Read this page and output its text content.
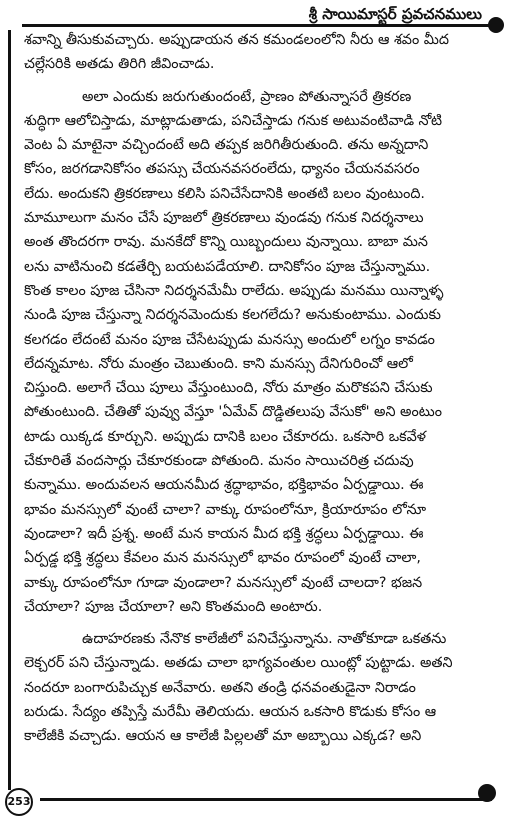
శ్రీ సాయిమాస్టర్ ప్రవచనములు
శవాన్ని తీసుకువచ్చారు. అప్పుడాయన తన కమండలంలోని నీరు ఆ శవం మీద
చల్లేసరికి అతడు తిరిగి జీవించాడు.
అలా ఎందుకు జరుగుతుందంటే, ప్రాణం పోతున్నాసరే త్రికరణ
శుద్ధిగా ఆలోచిస్తాడు, మాట్లాడుతాడు, పనిచేస్తాడు గనుక అటువంటివాడి నోటి
వెంట ఏ మాటైనా వచ్చిందంటే అది తప్పక జరిగితీరుతుంది. తను అన్నదాని
కోసం, జరగడానికోసం తపస్సు చేయనవసరంలేదు, ధ్యానం చేయనవసరం
లేదు. అందుకని త్రికరణాలు కలిసి పనిచేసేదానికి అంతటి బలం వుంటుంది.
మామూలుగా మనం చేసే పూజలో త్రికరణాలు వుండవు గనుక నిదర్శనాలు
అంత తొందరగా రావు. మనకేదో కొన్ని యిబ్బందులు వున్నాయి. బాబా మన
లను వాటినుంచి కడతేర్చి బయటపడేయాలి. దానికోసం పూజ చేస్తున్నాము.
కొంత కాలం పూజ చేసినా నిదర్శనమేమీ రాలేదు. అప్పుడు మనము యిన్నాళ్ళ
నుండి పూజ చేస్తున్నా నిదర్శనమెందుకు కలగలేదు? అనుకుంటాము. ఎందుకు
కలగడం లేదంటే మనం పూజ చేసేటప్పుడు మనస్సు అందులో లగ్నం కావడం
లేదన్నమాట. నోరు మంత్రం చెబుతుంది. కాని మనస్సు దేనిగురించో ఆలో
చిస్తుంది. అలాగే చేయి పూలు వేస్తుంటుంది, నోరు మాత్రం మరొకపని చేసుకు
పోతుంటుంది. చేతితో పువ్వు వేస్తూ 'ఏమేవ్ దొడ్డితలుపు వేసుకో' అని అంటుం
టాడు యిక్కడ కూర్చుని. అప్పుడు దానికి బలం చేకూరదు. ఒకసారి ఒకవేళ
చేకూరితే వందసార్లు చేకూరకుండా పోతుంది. మనం సాయిచరిత్ర చదువు
కున్నాము. అందువలన ఆయనమీద శ్రద్ధాభావం, భక్తిభావం ఏర్పడ్డాయి. ఈ
భావం మనస్సులో వుంటే చాలా? వాక్కు రూపంలోనూ, క్రియారూపం లోనూ
వుండాలా? ఇదీ ప్రశ్న. అంటే మన కాయన మీద భక్తి శ్రద్ధలు ఏర్పడ్డాయి. ఈ
ఏర్పడ్డ భక్తి శ్రద్ధలు కేవలం మన మనస్సులో భావం రూపంలో వుంటే చాలా,
వాక్కు రూపంలోనూ గూడా వుండాలా? మనస్సులో వుంటే చాలదా? భజన
చేయాలా? పూజ చేయాలా? అని కొంతమంది అంటారు.
ఉదాహరణకు నేనొక కాలేజీలో పనిచేస్తున్నాను. నాతోకూడా ఒకతను
లెక్చరర్ పని చేస్తున్నాడు. అతడు చాలా భాగ్యవంతుల యింట్లో పుట్టాడు. అతని
నందరూ బంగారుపిచ్చుక అనేవారు. అతని తండ్రి ధనవంతుడైనా నిరాడం
బరుడు. సేద్యం తప్పిస్తే మరేమీ తెలియదు. ఆయన ఒకసారి కొడుకు కోసం ఆ
కాలేజీకి వచ్చాడు. ఆయన ఆ కాలేజీ పిల్లలతో మా అబ్బాయి ఎక్కడ? అని
253
